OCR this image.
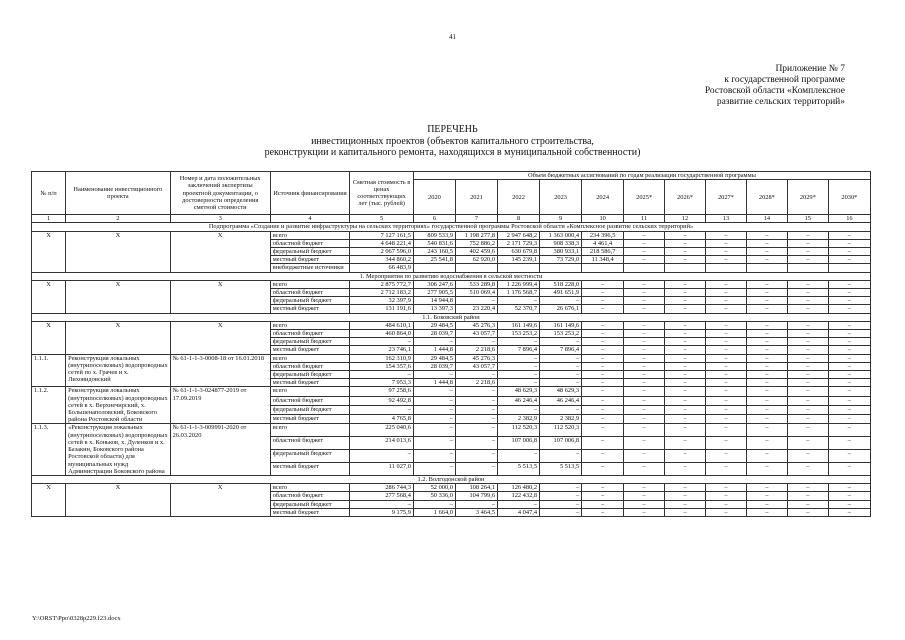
41
Приложение № 7
к государственной программе
Ростовской области «Комплексное
развитие сельских территорий»
ПЕРЕЧЕНЬ
инвестиционных проектов (объектов капитального строительства,
реконструкции и капитального ремонта, находящихся в муниципальной собственности)
№ п/п	Наименование инвестиционного проекта	Номер и дата положительных заключений экспертизы проектной документации, о достоверности определения сметной стоимости	Источник финансирования	Сметная стоимость в ценах соответствующих лет (тыс. рублей)	Объем бюджетных ассигнований по годам реализации государственной программы										
					2020	2021	2022	2023	2024	2025*	2026*	2027*	2028*	2029*	2030*
1	2	3	4	5	6	7	8	9	10	11	12	13	14	15	16
Подпрограмма «Создание и развитие инфраструктуры на сельских территориях» государственной программы Ростовской области «Комплексное развитие сельских территорий»															
Х	Х	Х	всего	7 127 161,5	809 533,9	1 198 277,8	2 947 648,2	1 363 000,4	234 396,5	–	–	–	–	–	–
			областной бюджет	4 648 221,4	540 831,6	752 886,2	2 171 729,3	908 338,3	4 461,4	–	–	–	–	–	–
			федеральный бюджет	2 067 596,0	243 160,5	402 459,6	630 679,8	380 933,1	218 586,7	–	–	–	–	–	–
			местный бюджет	344 860,2	25 541,8	62 920,0	145 239,1	73 729,0	11 348,4	–	–	–	–	–	–
			внебюджетные источники	66 483,9											
1. Мероприятия по развитию водоснабжения в сельской местности															
Х	Х	Х	всего	2 875 772,7	306 247,6	533 289,8	1 226 999,4	518 228,0	–	–	–	–	–	–	–
			областной бюджет	2 712 183,2	277 905,5	510 069,4	1 176 568,7	491 651,9	–	–	–	–	–	–	–
			федеральный бюджет	32 397,9	14 944,8	–	–	–	–	–	–	–	–	–	–
			местный бюджет	131 191,6	13 397,3	23 220,4	52 370,7	26 676,1	–	–	–	–	–	–	–
1.1. Боковский район															
Х	Х	Х	всего	484 610,1	29 484,5	45 276,3	161 149,6	161 149,6	–	–	–	–	–	–	–
			областной бюджет	460 864,0	28 039,7	43 057,7	153 253,2	153 253,2	–	–	–	–	–	–	–
			федеральный бюджет	–	–	–	–	–	–	–	–	–	–	–	–
			местный бюджет	23 746,1	1 444,8	2 218,6	7 896,4	7 896,4	–	–	–	–	–	–	–
1.1.1.	Реконструкция локальных (внутрипоселковых) водопроводных сетей по х. Грачев и х. Лиховидовский	№ 61-1-1-3-0008-18 от 16.01.2018	всего	162 310,9	29 484,5	45 276,3	–	–	–	–	–	–	–	–	–
			областной бюджет	154 357,6	28 039,7	43 057,7	–	–	–	–	–	–	–	–	–
			федеральный бюджет	–	–	–	–	–	–	–	–	–	–	–	–
			местный бюджет	7 953,3	1 444,8	2 218,6	–	–	–	–	–	–	–	–	–
1.1.2.	Реконструкция локальных (внутрипоселковых) водопроводных сетей в х. Верхнечирский, х. Большенаполовский, Боковского района Ростовской области	№ 61-1-1-3-024877-2019 от 17.09.2019	всего	97 258,6	–	–	48 629,3	48 629,3	–	–	–	–	–	–	–
			областной бюджет	92 492,8	–	–	46 246,4	46 246,4	–	–	–	–	–	–	–
			федеральный бюджет	–	–	–	–	–	–	–	–	–	–	–	–
			местный бюджет	4 765,8	–	–	2 382,9	2 382,9	–	–	–	–	–	–	–
1.1.3.	«Реконструкция локальных (внутрипоселковых) водопроводных сетей в х. Коньков, х. Дуленков и х. Базакин, Боковского района Ростовской области) для муниципальных нужд Администрации Боковского района	№ 61-1-1-3-009991-2020 от 26.03.2020	всего	225 040,6	–	–	112 520,3	112 520,3	–	–	–	–	–	–	–
			областной бюджет	214 013,6	–	–	107 006,8	107 006,8	–	–	–	–	–	–	–
			федеральный бюджет	–	–	–	–	–	–	–	–	–	–	–	–
			местный бюджет	11 027,0	–	–	5 513,5	5 513,5	–	–	–	–	–	–	–
1.2. Волгодонской район															
Х	Х	Х	всего	286 744,3	52 000,0	108 264,1	126 480,2	–	–	–	–	–	–	–	–
			областной бюджет	277 568,4	50 336,0	104 799,6	122 432,8	–	–	–	–	–	–	–	–
			федеральный бюджет	–	–	–	–	–	–	–	–	–	–	–	–
			местный бюджет	9 175,9	1 664,0	3 464,5	4 047,4	–	–	–	–	–	–	–	–
Y:\ORST\Ppo\0328p229.f23.docx
